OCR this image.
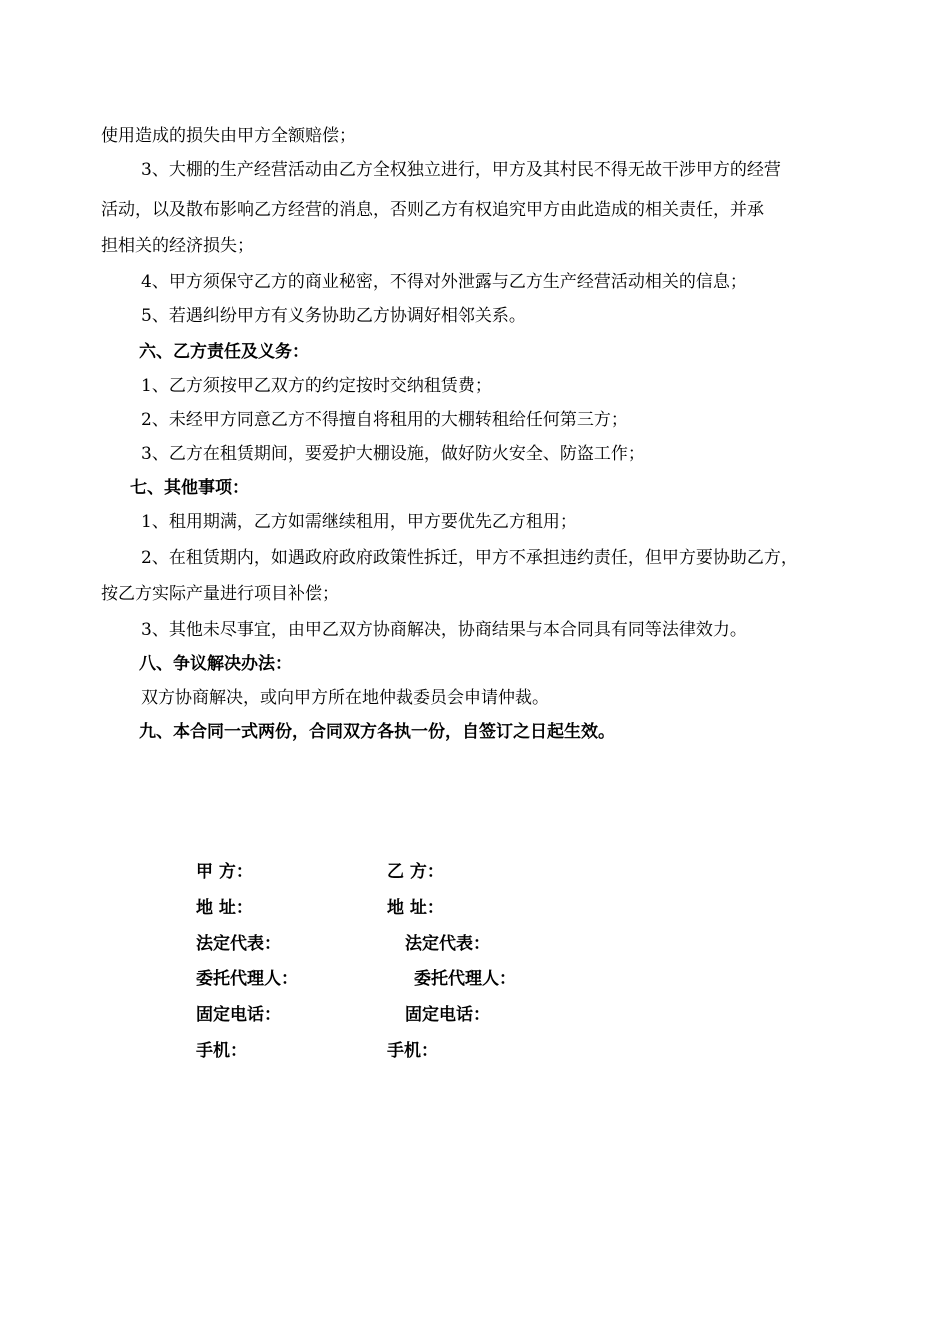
使用造成的损失由甲方全额赔偿；
3、大棚的生产经营活动由乙方全权独立进行，甲方及其村民不得无故干涉甲方的经营
活动，以及散布影响乙方经营的消息，否则乙方有权追究甲方由此造成的相关责任，并承
担相关的经济损失；
4、甲方须保守乙方的商业秘密，不得对外泄露与乙方生产经营活动相关的信息；
5、若遇纠纷甲方有义务协助乙方协调好相邻关系。
六、乙方责任及义务：
1、乙方须按甲乙双方的约定按时交纳租赁费；
2、未经甲方同意乙方不得擅自将租用的大棚转租给任何第三方；
3、乙方在租赁期间，要爱护大棚设施，做好防火安全、防盗工作；
七、其他事项：
1、租用期满，乙方如需继续租用，甲方要优先乙方租用；
2、在租赁期内，如遇政府政府政策性拆迁，甲方不承担违约责任，但甲方要协助乙方，
按乙方实际产量进行项目补偿；
3、其他未尽事宜，由甲乙双方协商解决，协商结果与本合同具有同等法律效力。
八、争议解决办法：
双方协商解决，或向甲方所在地仲裁委员会申请仲裁。
九、本合同一式两份，合同双方各执一份，自签订之日起生效。
甲 方：	乙 方：
地 址：	地 址：
法定代表：	法定代表：
委托代理人：	委托代理人：
固定电话：	固定电话：
手机：	手机：
